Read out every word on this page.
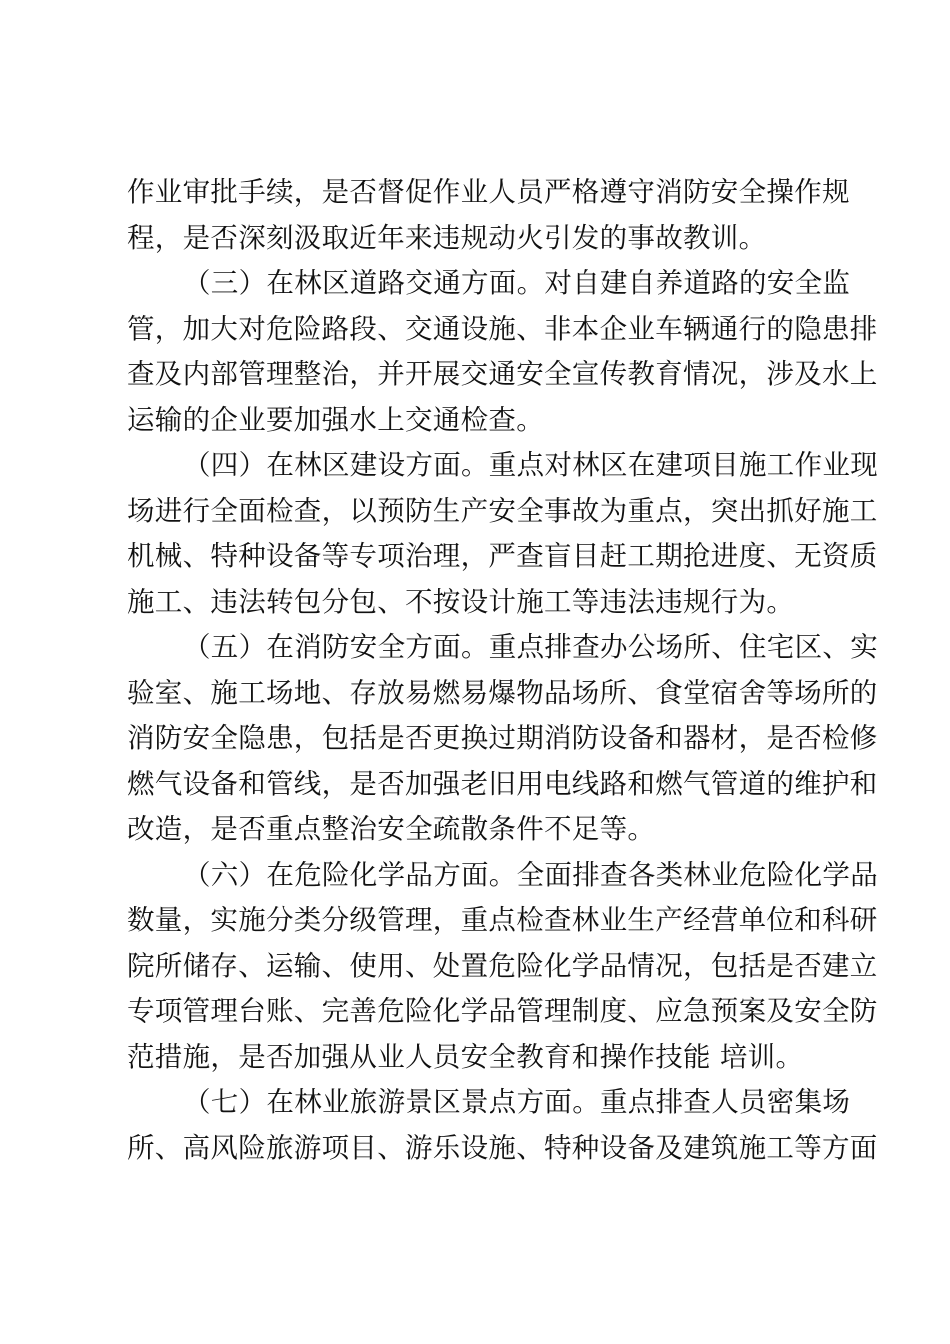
作业审批手续，是否督促作业人员严格遵守消防安全操作规
程，是否深刻汲取近年来违规动火引发的事故教训。
（三）在林区道路交通方面。对自建自养道路的安全监
管，加大对危险路段、交通设施、非本企业车辆通行的隐患排
查及内部管理整治，并开展交通安全宣传教育情况，涉及水上
运输的企业要加强水上交通检查。
（四）在林区建设方面。重点对林区在建项目施工作业现
场进行全面检查，以预防生产安全事故为重点，突出抓好施工
机械、特种设备等专项治理，严查盲目赶工期抢进度、无资质
施工、违法转包分包、不按设计施工等违法违规行为。
（五）在消防安全方面。重点排查办公场所、住宅区、实
验室、施工场地、存放易燃易爆物品场所、食堂宿舍等场所的
消防安全隐患，包括是否更换过期消防设备和器材，是否检修
燃气设备和管线，是否加强老旧用电线路和燃气管道的维护和
改造，是否重点整治安全疏散条件不足等。
（六）在危险化学品方面。全面排查各类林业危险化学品
数量，实施分类分级管理，重点检查林业生产经营单位和科研
院所储存、运输、使用、处置危险化学品情况，包括是否建立
专项管理台账、完善危险化学品管理制度、应急预案及安全防
范措施，是否加强从业人员安全教育和操作技能 培训。
（七）在林业旅游景区景点方面。重点排查人员密集场
所、高风险旅游项目、游乐设施、特种设备及建筑施工等方面
